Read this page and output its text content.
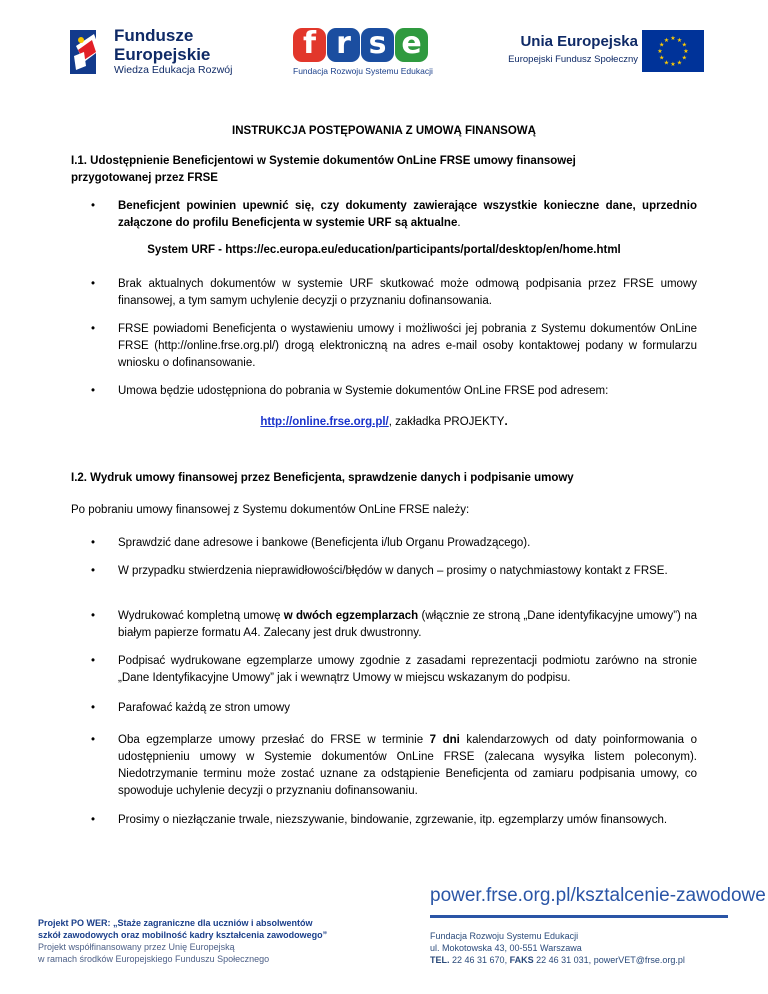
Fundusze
Europejskie
Wiedza Edukacja Rozwój
f r s e
Fundacja Rozwoju Systemu Edukacji
Unia Europejska
Europejski Fundusz Społeczny
★ ★
★
★
★
★
★
★
★
★
★
★
INSTRUKCJA POSTĘPOWANIA Z UMOWĄ FINANSOWĄ
I.1. Udostępnienie Beneficjentowi w Systemie dokumentów OnLine FRSE umowy finansowej
przygotowanej przez FRSE
• Beneficjent powinien upewnić się, czy dokumenty zawierające wszystkie konieczne dane, uprzednio załączone do profilu Beneficjenta w systemie URF są aktualne.
System URF - https://ec.europa.eu/education/participants/portal/desktop/en/home.html
• Brak aktualnych dokumentów w systemie URF skutkować może odmową podpisania przez FRSE umowy finansowej, a tym samym uchylenie decyzji o przyznaniu dofinansowania.
• FRSE powiadomi Beneficjenta o wystawieniu umowy i możliwości jej pobrania z Systemu dokumentów OnLine FRSE (http://online.frse.org.pl/) drogą elektroniczną na adres e-mail osoby kontaktowej podany w formularzu wniosku o dofinansowanie.
• Umowa będzie udostępniona do pobrania w Systemie dokumentów OnLine FRSE pod adresem:
http://online.frse.org.pl/, zakładka PROJEKTY.
I.2. Wydruk umowy finansowej przez Beneficjenta, sprawdzenie danych i podpisanie umowy
Po pobraniu umowy finansowej z Systemu dokumentów OnLine FRSE należy:
• Sprawdzić dane adresowe i bankowe (Beneficjenta i/lub Organu Prowadzącego).
• W przypadku stwierdzenia nieprawidłowości/błędów w danych – prosimy o natychmiastowy kontakt z FRSE.
• Wydrukować kompletną umowę w dwóch egzemplarzach (włącznie ze stroną „Dane identyfikacyjne umowy”) na białym papierze formatu A4. Zalecany jest druk dwustronny.
• Podpisać wydrukowane egzemplarze umowy zgodnie z zasadami reprezentacji podmiotu zarówno na stronie „Dane Identyfikacyjne Umowy” jak i wewnątrz Umowy w miejscu wskazanym do podpisu.
• Parafować każdą ze stron umowy
• Oba egzemplarze umowy przesłać do FRSE w terminie 7 dni kalendarzowych od daty poinformowania o udostępnieniu umowy w Systemie dokumentów OnLine FRSE (zalecana wysyłka listem poleconym). Niedotrzymanie terminu może zostać uznane za odstąpienie Beneficjenta od zamiaru podpisania umowy, co spowoduje uchylenie decyzji o przyznaniu dofinansowaniu.
• Prosimy o niezłączanie trwale, niezszywanie, bindowanie, zgrzewanie, itp. egzemplarzy umów finansowych.
power.frse.org.pl/ksztalcenie-zawodowe
Projekt PO WER: „Staże zagraniczne dla uczniów i absolwentów
szkół zawodowych oraz mobilność kadry kształcenia zawodowego”
Projekt współfinansowany przez Unię Europejską
w ramach środków Europejskiego Funduszu Społecznego
Fundacja Rozwoju Systemu Edukacji
ul. Mokotowska 43, 00-551 Warszawa
TEL. 22 46 31 670, FAKS 22 46 31 031, powerVET@frse.org.pl
